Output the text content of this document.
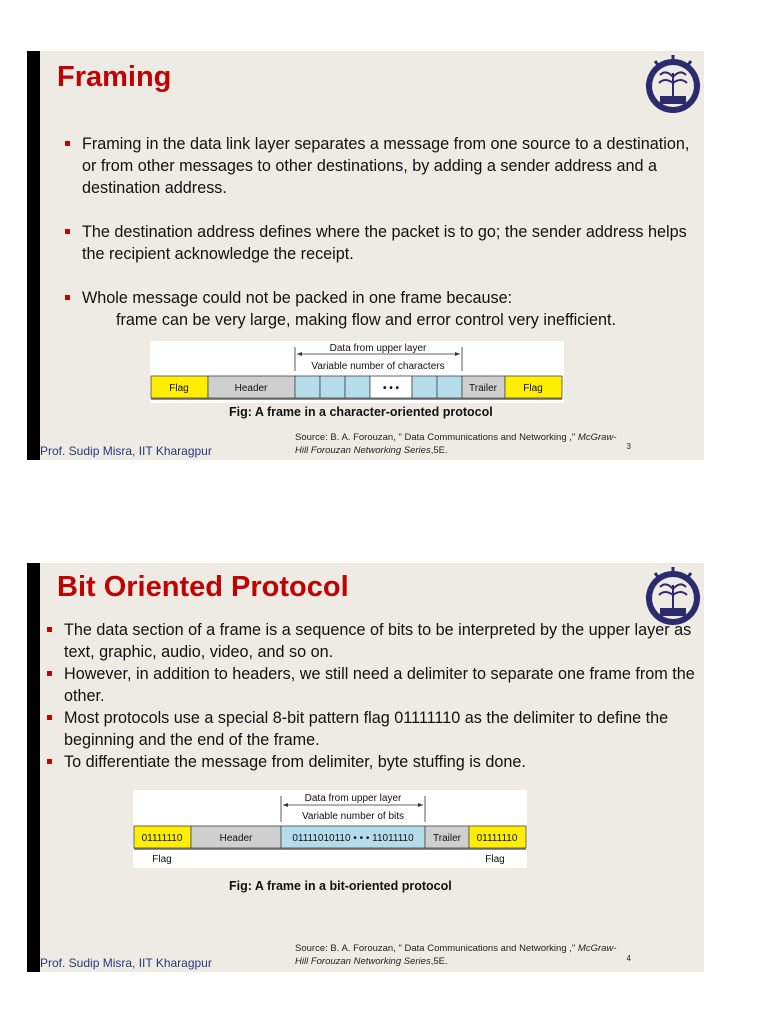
Framing
Framing in the data link layer separates a message from one source to a destination, or from other messages to other destinations, by adding a sender address and a destination address.
The destination address defines where the packet is to go; the sender address helps the recipient acknowledge the receipt.
Whole message could not be packed in one frame because:
frame can be very large, making flow and error control very inefficient.
Data from upper layer
Variable number of characters
Flag	Header	• • •	Trailer	Flag
Fig: A frame in a character-oriented protocol
Source: B. A. Forouzan, " Data Communications and Networking ," McGraw-
Hill Forouzan Networking Series,5E.	3
Prof. Sudip Misra, IIT Kharagpur
Bit Oriented Protocol
The data section of a frame is a sequence of bits to be interpreted by the upper layer as text, graphic, audio, video, and so on.
However, in addition to headers, we still need a delimiter to separate one frame from the other.
Most protocols use a special 8-bit pattern flag 01111110 as the delimiter to define the beginning and the end of the frame.
To differentiate the message from delimiter, byte stuffing is done.
Data from upper layer
Variable number of bits
01111110	Header	01111010110 • • • 11011110 Trailer 01111110
Flag	Flag
Fig: A frame in a bit-oriented protocol
Source: B. A. Forouzan, " Data Communications and Networking ," McGraw-
Hill Forouzan Networking Series,5E.	4
Prof. Sudip Misra, IIT Kharagpur
